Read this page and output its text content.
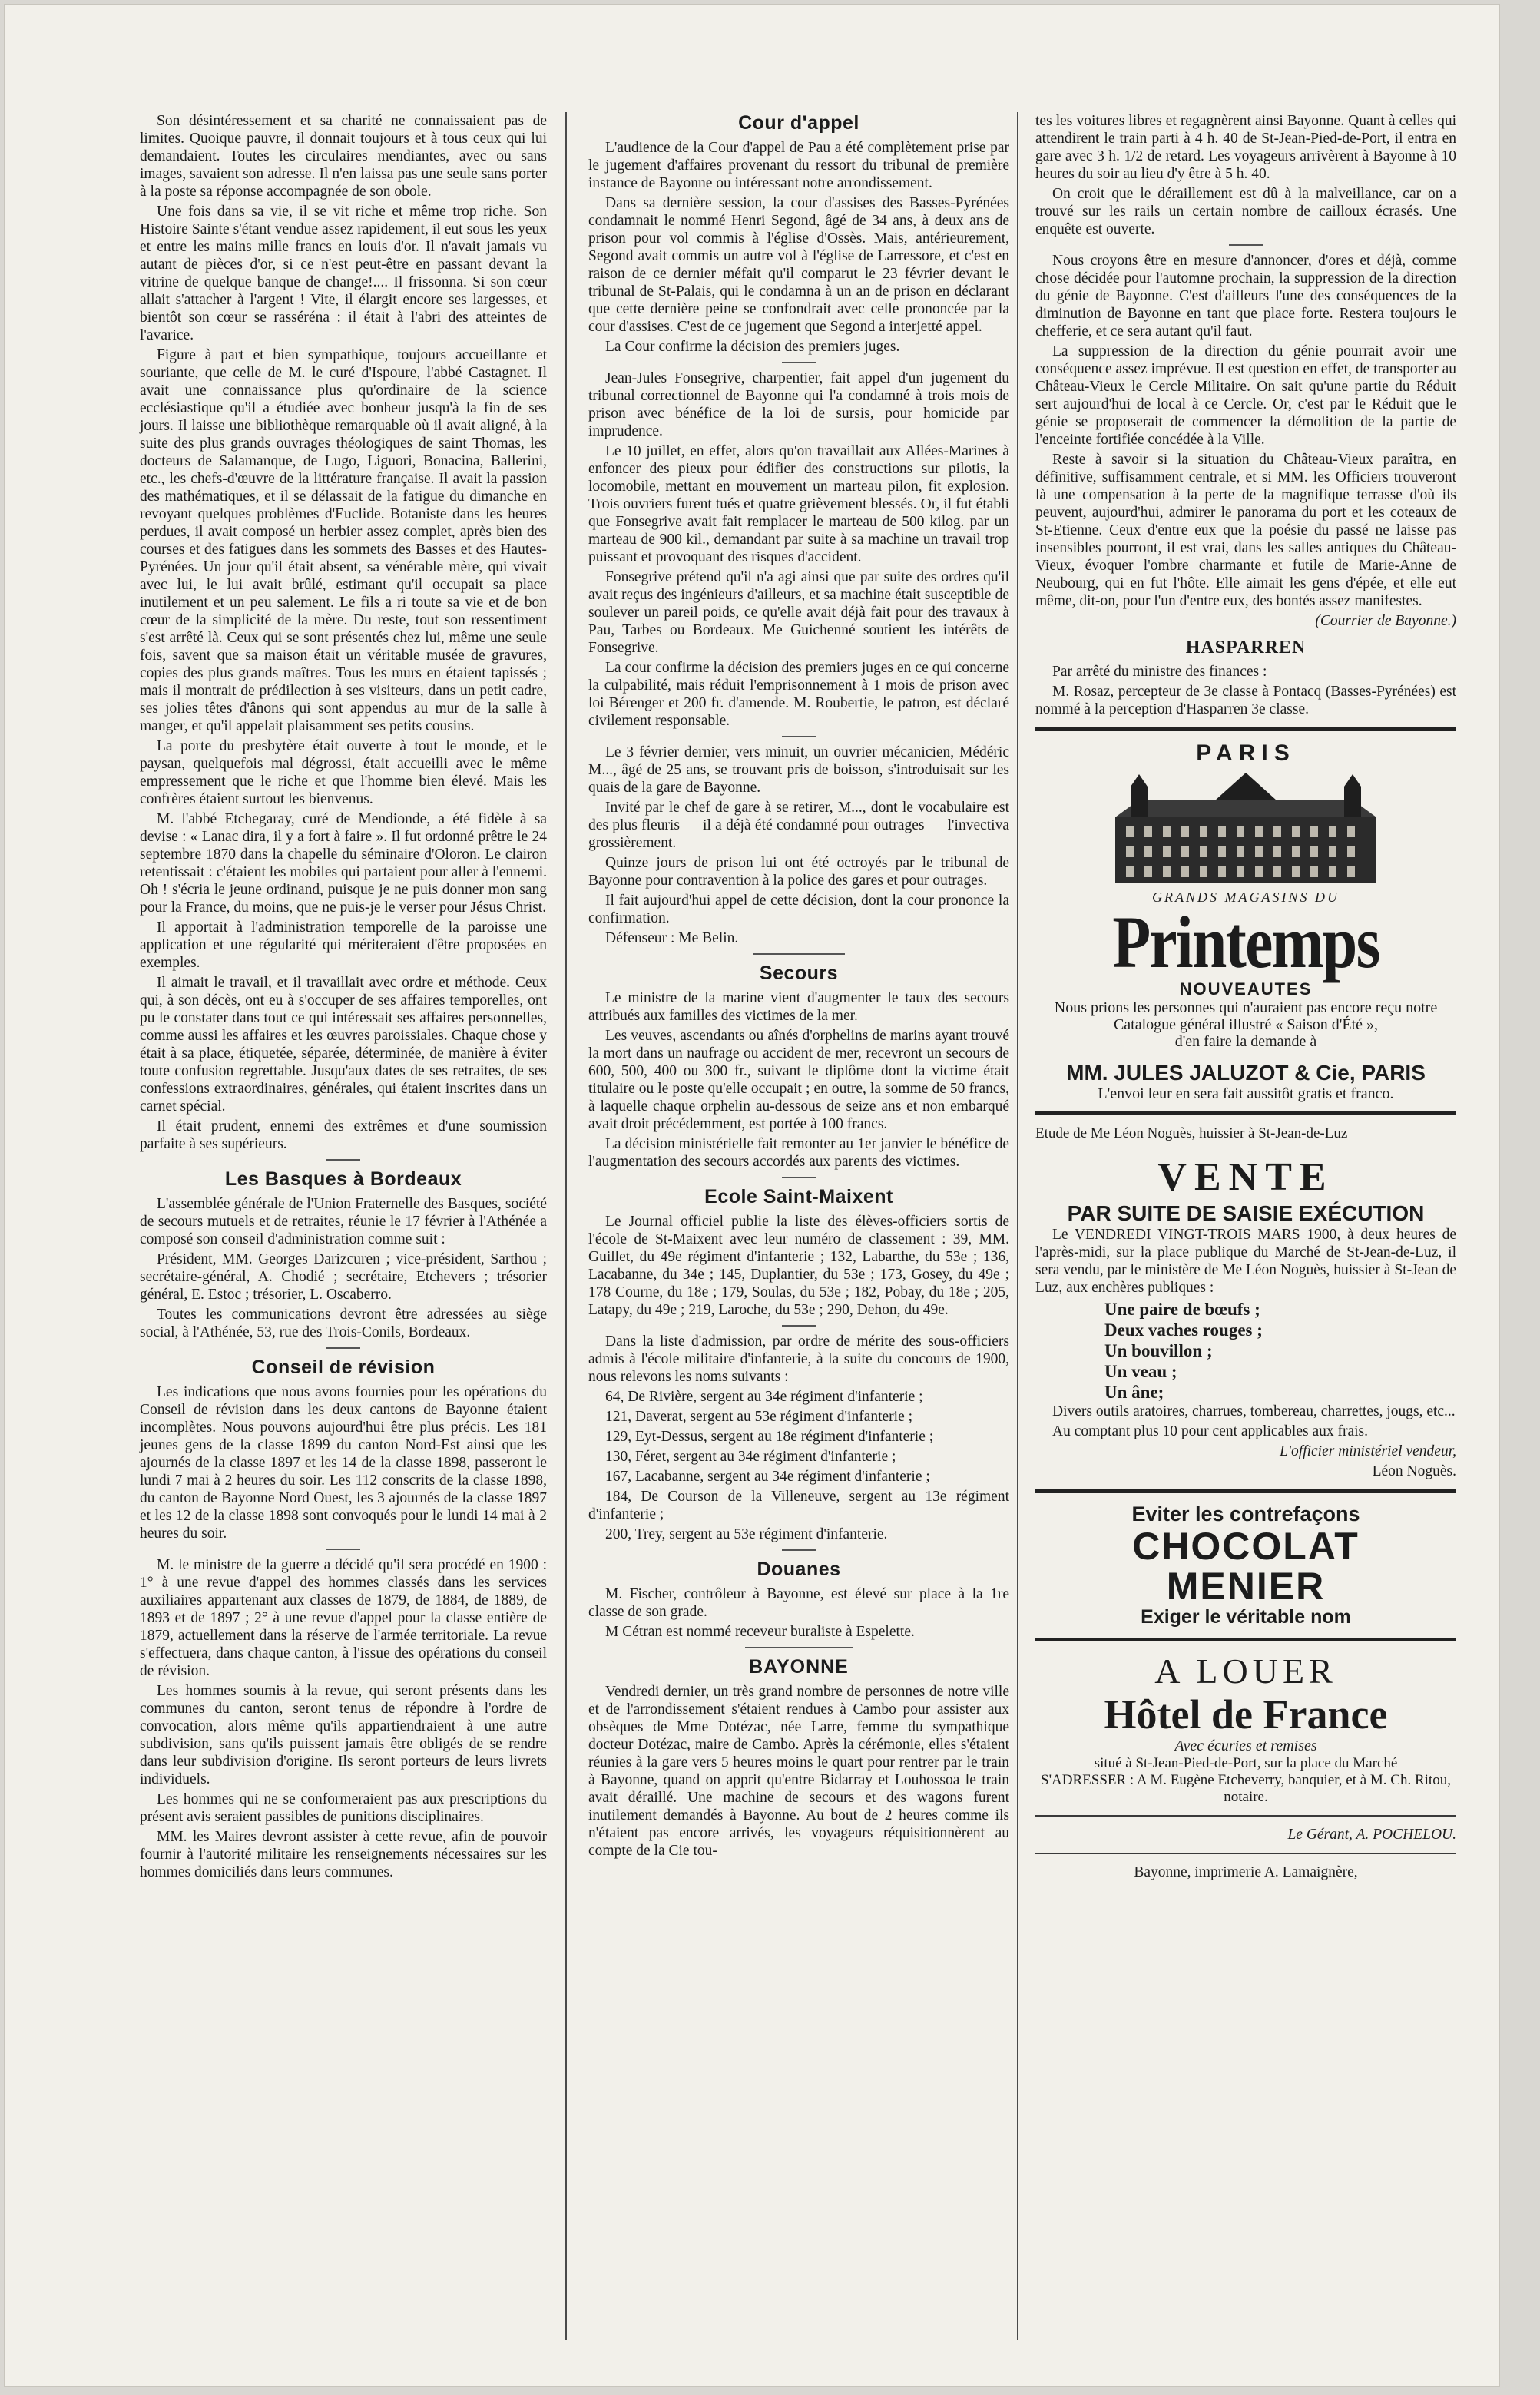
Son désintéressement et sa charité ne connaissaient pas de limites. Quoique pauvre, il donnait toujours et à tous ceux qui lui demandaient. Toutes les circulaires mendiantes, avec ou sans images, savaient son adresse. Il n'en laissa pas une seule sans porter à la poste sa réponse accompagnée de son obole.

Une fois dans sa vie, il se vit riche et même trop riche. Son Histoire Sainte s'étant vendue assez rapidement, il eut sous les yeux et entre les mains mille francs en louis d'or. Il n'avait jamais vu autant de pièces d'or, si ce n'est peut-être en passant devant la vitrine de quelque banque de change!.... Il frissonna. Si son cœur allait s'attacher à l'argent ! Vite, il élargit encore ses largesses, et bientôt son cœur se rasséréna : il était à l'abri des atteintes de l'avarice.

Figure à part et bien sympathique, toujours accueillante et souriante, que celle de M. le curé d'Ispoure, l'abbé Castagnet. Il avait une connaissance plus qu'ordinaire de la science ecclésiastique qu'il a étudiée avec bonheur jusqu'à la fin de ses jours. Il laisse une bibliothèque remarquable où il avait aligné, à la suite des plus grands ouvrages théologiques de saint Thomas, les docteurs de Salamanque, de Lugo, Liguori, Bonacina, Ballerini, etc., les chefs-d'œuvre de la littérature française. Il avait la passion des mathématiques, et il se délassait de la fatigue du dimanche en revoyant quelques problèmes d'Euclide. Botaniste dans les heures perdues, il avait composé un herbier assez complet, après bien des courses et des fatigues dans les sommets des Basses et des Hautes-Pyrénées. Un jour qu'il était absent, sa vénérable mère, qui vivait avec lui, le lui avait brûlé, estimant qu'il occupait sa place inutilement et un peu salement. Le fils a ri toute sa vie et de bon cœur de la simplicité de la mère. Du reste, tout son ressentiment s'est arrêté là. Ceux qui se sont présentés chez lui, même une seule fois, savent que sa maison était un véritable musée de gravures, copies des plus grands maîtres. Tous les murs en étaient tapissés ; mais il montrait de prédilection à ses visiteurs, dans un petit cadre, ses jolies têtes d'ânons qui sont appendus au mur de la salle à manger, et qu'il appelait plaisamment ses petits cousins.

La porte du presbytère était ouverte à tout le monde, et le paysan, quelquefois mal dégrossi, était accueilli avec le même empressement que le riche et que l'homme bien élevé. Mais les confrères étaient surtout les bienvenus.

M. l'abbé Etchegaray, curé de Mendionde, a été fidèle à sa devise : « Lanac dira, il y a fort à faire ». Il fut ordonné prêtre le 24 septembre 1870 dans la chapelle du séminaire d'Oloron. Le clairon retentissait : c'étaient les mobiles qui partaient pour aller à l'ennemi. Oh ! s'écria le jeune ordinand, puisque je ne puis donner mon sang pour la France, du moins, que ne puis-je le verser pour Jésus Christ.

Il apportait à l'administration temporelle de la paroisse une application et une régularité qui mériteraient d'être proposées en exemples.

Il aimait le travail, et il travaillait avec ordre et méthode. Ceux qui, à son décès, ont eu à s'occuper de ses affaires temporelles, ont pu le constater dans tout ce qui intéressait ses affaires personnelles, comme aussi les affaires et les œuvres paroissiales. Chaque chose y était à sa place, étiquetée, séparée, déterminée, de manière à éviter toute confusion regrettable. Jusqu'aux dates de ses retraites, de ses confessions extraordinaires, générales, qui étaient inscrites dans un carnet spécial.

Il était prudent, ennemi des extrêmes et d'une soumission parfaite à ses supérieurs.

Les Basques à Bordeaux

L'assemblée générale de l'Union Fraternelle des Basques, société de secours mutuels et de retraites, réunie le 17 février à l'Athénée a composé son conseil d'administration comme suit :

Président, MM. Georges Darizcuren ; vice-président, Sarthou ; secrétaire-général, A. Chodié ; secrétaire, Etchevers ; trésorier général, E. Estoc ; trésorier, L. Oscaberro.

Toutes les communications devront être adressées au siège social, à l'Athénée, 53, rue des Trois-Conils, Bordeaux.

Conseil de révision

Les indications que nous avons fournies pour les opérations du Conseil de révision dans les deux cantons de Bayonne étaient incomplètes. Nous pouvons aujourd'hui être plus précis. Les 181 jeunes gens de la classe 1899 du canton Nord-Est ainsi que les ajournés de la classe 1897 et les 14 de la classe 1898, passeront le lundi 7 mai à 2 heures du soir. Les 112 conscrits de la classe 1898, du canton de Bayonne Nord Ouest, les 3 ajournés de la classe 1897 et les 12 de la classe 1898 sont convoqués pour le lundi 14 mai à 2 heures du soir.

M. le ministre de la guerre a décidé qu'il sera procédé en 1900 : 1° à une revue d'appel des hommes classés dans les services auxiliaires appartenant aux classes de 1879, de 1884, de 1889, de 1893 et de 1897 ; 2° à une revue d'appel pour la classe entière de 1879, actuellement dans la réserve de l'armée territoriale. La revue s'effectuera, dans chaque canton, à l'issue des opérations du conseil de révision.

Les hommes soumis à la revue, qui seront présents dans les communes du canton, seront tenus de répondre à l'ordre de convocation, alors même qu'ils appartiendraient à une autre subdivision, sans qu'ils puissent jamais être obligés de se rendre dans leur subdivision d'origine. Ils seront porteurs de leurs livrets individuels.

Les hommes qui ne se conformeraient pas aux prescriptions du présent avis seraient passibles de punitions disciplinaires.

MM. les Maires devront assister à cette revue, afin de pouvoir fournir à l'autorité militaire les renseignements nécessaires sur les hommes domiciliés dans leurs communes.

Cour d'appel

L'audience de la Cour d'appel de Pau a été complètement prise par le jugement d'affaires provenant du ressort du tribunal de première instance de Bayonne ou intéressant notre arrondissement.

Dans sa dernière session, la cour d'assises des Basses-Pyrénées condamnait le nommé Henri Segond, âgé de 34 ans, à deux ans de prison pour vol commis à l'église d'Ossès. Mais, antérieurement, Segond avait commis un autre vol à l'église de Larressore, et c'est en raison de ce dernier méfait qu'il comparut le 23 février devant le tribunal de St-Palais, qui le condamna à un an de prison en déclarant que cette dernière peine se confondrait avec celle prononcée par la cour d'assises. C'est de ce jugement que Segond a interjetté appel.

La Cour confirme la décision des premiers juges.

Jean-Jules Fonsegrive, charpentier, fait appel d'un jugement du tribunal correctionnel de Bayonne qui l'a condamné à trois mois de prison avec bénéfice de la loi de sursis, pour homicide par imprudence.

Le 10 juillet, en effet, alors qu'on travaillait aux Allées-Marines à enfoncer des pieux pour édifier des constructions sur pilotis, la locomobile, mettant en mouvement un marteau pilon, fit explosion. Trois ouvriers furent tués et quatre grièvement blessés. Or, il fut établi que Fonsegrive avait fait remplacer le marteau de 500 kilog. par un marteau de 900 kil., demandant par suite à sa machine un travail trop puissant et provoquant des risques d'accident.

Fonsegrive prétend qu'il n'a agi ainsi que par suite des ordres qu'il avait reçus des ingénieurs d'ailleurs, et sa machine était susceptible de soulever un pareil poids, ce qu'elle avait déjà fait pour des travaux à Pau, Tarbes ou Bordeaux. Me Guichenné soutient les intérêts de Fonsegrive.

La cour confirme la décision des premiers juges en ce qui concerne la culpabilité, mais réduit l'emprisonnement à 1 mois de prison avec loi Bérenger et 200 fr. d'amende. M. Roubertie, le patron, est déclaré civilement responsable.

Le 3 février dernier, vers minuit, un ouvrier mécanicien, Médéric M..., âgé de 25 ans, se trouvant pris de boisson, s'introduisait sur les quais de la gare de Bayonne.

Invité par le chef de gare à se retirer, M..., dont le vocabulaire est des plus fleuris — il a déjà été condamné pour outrages — l'invectiva grossièrement.

Quinze jours de prison lui ont été octroyés par le tribunal de Bayonne pour contravention à la police des gares et pour outrages.

Il fait aujourd'hui appel de cette décision, dont la cour prononce la confirmation.

Défenseur : Me Belin.

Secours

Le ministre de la marine vient d'augmenter le taux des secours attribués aux familles des victimes de la mer.

Les veuves, ascendants ou aînés d'orphelins de marins ayant trouvé la mort dans un naufrage ou accident de mer, recevront un secours de 600, 500, 400 ou 300 fr., suivant le diplôme dont la victime était titulaire ou le poste qu'elle occupait ; en outre, la somme de 50 francs, à laquelle chaque orphelin au-dessous de seize ans et non embarqué avait droit précédemment, est portée à 100 francs.

La décision ministérielle fait remonter au 1er janvier le bénéfice de l'augmentation des secours accordés aux parents des victimes.

Ecole Saint-Maixent

Le Journal officiel publie la liste des élèves-officiers sortis de l'école de St-Maixent avec leur numéro de classement : 39, MM. Guillet, du 49e régiment d'infanterie ; 132, Labarthe, du 53e ; 136, Lacabanne, du 34e ; 145, Duplantier, du 53e ; 173, Gosey, du 49e ; 178 Courne, du 18e ; 179, Soulas, du 53e ; 182, Pobay, du 18e ; 205, Latapy, du 49e ; 219, Laroche, du 53e ; 290, Dehon, du 49e.

Dans la liste d'admission, par ordre de mérite des sous-officiers admis à l'école militaire d'infanterie, à la suite du concours de 1900, nous relevons les noms suivants :

64, De Rivière, sergent au 34e régiment d'infanterie ;

121, Daverat, sergent au 53e régiment d'infanterie ;

129, Eyt-Dessus, sergent au 18e régiment d'infanterie ;

130, Féret, sergent au 34e régiment d'infanterie ;

167, Lacabanne, sergent au 34e régiment d'infanterie ;

184, De Courson de la Villeneuve, sergent au 13e régiment d'infanterie ;

200, Trey, sergent au 53e régiment d'infanterie.

Douanes

M. Fischer, contrôleur à Bayonne, est élevé sur place à la 1re classe de son grade.

M Cétran est nommé receveur buraliste à Espelette.

BAYONNE

Vendredi dernier, un très grand nombre de personnes de notre ville et de l'arrondissement s'étaient rendues à Cambo pour assister aux obsèques de Mme Dotézac, née Larre, femme du sympathique docteur Dotézac, maire de Cambo. Après la cérémonie, elles s'étaient réunies à la gare vers 5 heures moins le quart pour rentrer par le train à Bayonne, quand on apprit qu'entre Bidarray et Louhossoa le train avait déraillé. Une machine de secours et des wagons furent inutilement demandés à Bayonne. Au bout de 2 heures comme ils n'étaient pas encore arrivés, les voyageurs réquisitionnèrent au compte de la Cie tou-

tes les voitures libres et regagnèrent ainsi Bayonne. Quant à celles qui attendirent le train parti à 4 h. 40 de St-Jean-Pied-de-Port, il entra en gare avec 3 h. 1/2 de retard. Les voyageurs arrivèrent à Bayonne à 10 heures du soir au lieu d'y être à 5 h. 40.

On croit que le déraillement est dû à la malveillance, car on a trouvé sur les rails un certain nombre de cailloux écrasés. Une enquête est ouverte.

Nous croyons être en mesure d'annoncer, d'ores et déjà, comme chose décidée pour l'automne prochain, la suppression de la direction du génie de Bayonne. C'est d'ailleurs l'une des conséquences de la diminution de Bayonne en tant que place forte. Restera toujours le chefferie, et ce sera autant qu'il faut.

La suppression de la direction du génie pourrait avoir une conséquence assez imprévue. Il est question en effet, de transporter au Château-Vieux le Cercle Militaire. On sait qu'une partie du Réduit sert aujourd'hui de local à ce Cercle. Or, c'est par le Réduit que le génie se proposerait de commencer la démolition de la partie de l'enceinte fortifiée concédée à la Ville.

Reste à savoir si la situation du Château-Vieux paraîtra, en définitive, suffisamment centrale, et si MM. les Officiers trouveront là une compensation à la perte de la magnifique terrasse d'où ils peuvent, aujourd'hui, admirer le panorama du port et les coteaux de St-Etienne. Ceux d'entre eux que la poésie du passé ne laisse pas insensibles pourront, il est vrai, dans les salles antiques du Château-Vieux, évoquer l'ombre charmante et futile de Marie-Anne de Neubourg, qui en fut l'hôte. Elle aimait les gens d'épée, et elle eut même, dit-on, pour l'un d'entre eux, des bontés assez manifestes.

(Courrier de Bayonne.)

HASPARREN

Par arrêté du ministre des finances :

M. Rosaz, percepteur de 3e classe à Pontacq (Basses-Pyrénées) est nommé à la perception d'Hasparren 3e classe.

PARIS
GRANDS MAGASINS DU
Printemps
NOUVEAUTES
Nous prions les personnes qui n'auraient pas encore reçu notre Catalogue général illustré « Saison d'Été »,
d'en faire la demande à
MM. JULES JALUZOT & Cie, PARIS
L'envoi leur en sera fait aussitôt gratis et franco.

Etude de Me Léon Noguès, huissier à St-Jean-de-Luz

VENTE
PAR SUITE DE SAISIE EXÉCUTION

Le VENDREDI VINGT-TROIS MARS 1900, à deux heures de l'après-midi, sur la place publique du Marché de St-Jean-de-Luz, il sera vendu, par le ministère de Me Léon Noguès, huissier à St-Jean de Luz, aux enchères publiques :

Une paire de bœufs ;
Deux vaches rouges ;
Un bouvillon ;
Un veau ;
Un âne;

Divers outils aratoires, charrues, tombereau, charrettes, jougs, etc...

Au comptant plus 10 pour cent applicables aux frais.

L'officier ministériel vendeur,

Léon Noguès.

Eviter les contrefaçons
CHOCOLAT
MENIER
Exiger le véritable nom
A LOUER
Hôtel de France
Avec écuries et remises
situé à St-Jean-Pied-de-Port, sur la place du Marché
S'ADRESSER : A M. Eugène Etcheverry, banquier, et à M. Ch. Ritou, notaire.

Le Gérant, A. POCHELOU.

Bayonne, imprimerie A. Lamaignère,
